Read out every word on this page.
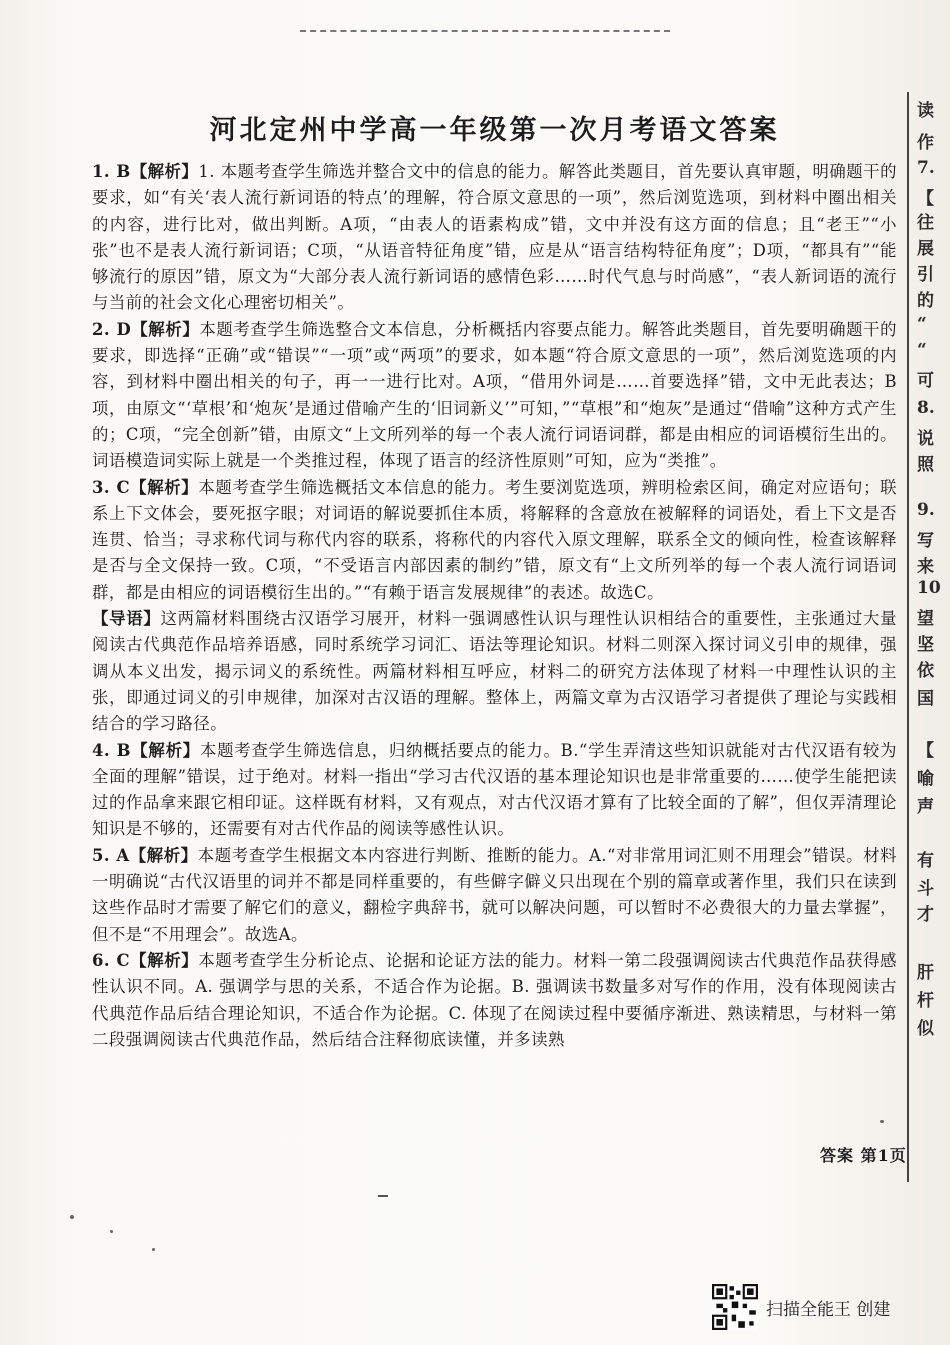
河北定州中学高一年级第一次月考语文答案

1. B【解析】1. 本题考查学生筛选并整合文中的信息的能力。解答此类题目，首先要认真审题，明确题干的要求，如“有关‘表人流行新词语的特点’的理解，符合原文意思的一项”，然后浏览选项，到材料中圈出相关的内容，进行比对，做出判断。A项，“由表人的语素构成”错，文中并没有这方面的信息；且“老王”“小张”也不是表人流行新词语；C项，“从语音特征角度”错，应是从“语言结构特征角度”；D项，“都具有”“能够流行的原因”错，原文为“大部分表人流行新词语的感情色彩……时代气息与时尚感”，“表人新词语的流行与当前的社会文化心理密切相关”。

2. D【解析】本题考查学生筛选整合文本信息，分析概括内容要点能力。解答此类题目，首先要明确题干的要求，即选择“正确”或“错误”“一项”或“两项”的要求，如本题“符合原文意思的一项”，然后浏览选项的内容，到材料中圈出相关的句子，再一一进行比对。A项，“借用外词是……首要选择”错，文中无此表达；B项，由原文“‘草根’和‘炮灰’是通过借喻产生的‘旧词新义’”可知，”“草根”和“炮灰”是通过“借喻”这种方式产生的；C项，“完全创新”错，由原文“上文所列举的每一个表人流行词语词群，都是由相应的词语模衍生出的。词语模造词实际上就是一个类推过程，体现了语言的经济性原则”可知，应为“类推”。

3. C【解析】本题考查学生筛选概括文本信息的能力。考生要浏览选项，辨明检索区间，确定对应语句；联系上下文体会，要死抠字眼；对词语的解说要抓住本质，将解释的含意放在被解释的词语处，看上下文是否连贯、恰当；寻求称代词与称代内容的联系，将称代的内容代入原文理解，联系全文的倾向性，检查该解释是否与全文保持一致。C项，“不受语言内部因素的制约”错，原文有“上文所列举的每一个表人流行词语词群，都是由相应的词语模衍生出的。”“有赖于语言发展规律”的表述。故选C。

【导语】这两篇材料围绕古汉语学习展开，材料一强调感性认识与理性认识相结合的重要性，主张通过大量阅读古代典范作品培养语感，同时系统学习词汇、语法等理论知识。材料二则深入探讨词义引申的规律，强调从本义出发，揭示词义的系统性。两篇材料相互呼应，材料二的研究方法体现了材料一中理性认识的主张，即通过词义的引申规律，加深对古汉语的理解。整体上，两篇文章为古汉语学习者提供了理论与实践相结合的学习路径。

4. B【解析】本题考查学生筛选信息，归纳概括要点的能力。B.“学生弄清这些知识就能对古代汉语有较为全面的理解”错误，过于绝对。材料一指出“学习古代汉语的基本理论知识也是非常重要的……使学生能把读过的作品拿来跟它相印证。这样既有材料，又有观点，对古代汉语才算有了比较全面的了解”，但仅弄清理论知识是不够的，还需要有对古代作品的阅读等感性认识。

5. A【解析】本题考查学生根据文本内容进行判断、推断的能力。A.“对非常用词汇则不用理会”错误。材料一明确说“古代汉语里的词并不都是同样重要的，有些僻字僻义只出现在个别的篇章或著作里，我们只在读到这些作品时才需要了解它们的意义，翻检字典辞书，就可以解决问题，可以暂时不必费很大的力量去掌握”，但不是“不用理会”。故选A。

6. C【解析】本题考查学生分析论点、论据和论证方法的能力。材料一第二段强调阅读古代典范作品获得感性认识不同。A. 强调学与思的关系，不适合作为论据。B. 强调读书数量多对写作的作用，没有体现阅读古代典范作品后结合理论知识，不适合作为论据。C. 体现了在阅读过程中要循序渐进、熟读精思，与材料一第二段强调阅读古代典范作品，然后结合注释彻底读懂，并多读熟

读
作
7.
【
往
展
引
的
“
“
可
8.
说
照
9.
写
来
10
望
坚
依
国
【
喻
声
有
斗
才
肝
杆
似
答案 第1页
扫描全能王 创建
